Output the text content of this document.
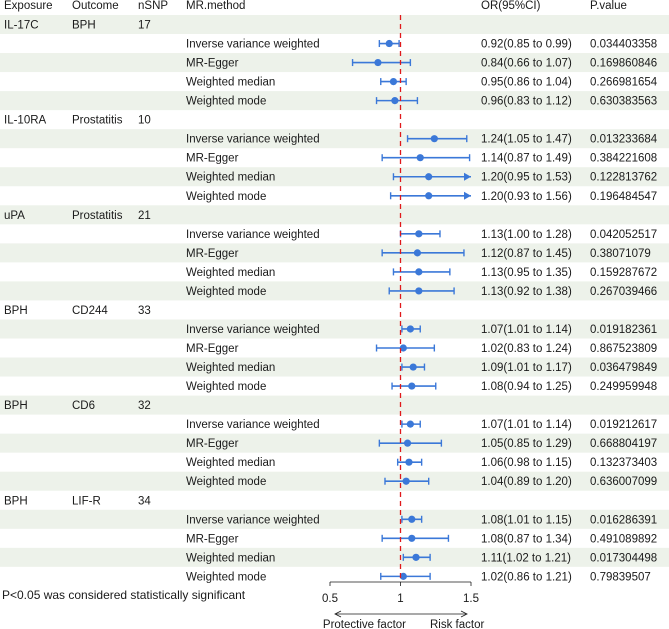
Exposure Outcome nSNP MR.method	OR(95%CI)	P.value
IL-17C	BPH	17
Inverse variance weighted	0.92(0.85 to 0.99) 0.034403358
MR-Egger	0.84(0.66 to 1.07) 0.169860846
Weighted median	0.95(0.86 to 1.04) 0.266981654
Weighted mode	0.96(0.83 to 1.12) 0.630383563
IL-10RA Prostatitis 10
Inverse variance weighted	1.24(1.05 to 1.47) 0.013233684
MR-Egger	1.14(0.87 to 1.49) 0.384221608
Weighted median	1.20(0.95 to 1.53) 0.122813762
Weighted mode	1.20(0.93 to 1.56) 0.196484547
uPA	Prostatitis 21
Inverse variance weighted	1.13(1.00 to 1.28) 0.042052517
MR-Egger	1.12(0.87 to 1.45) 0.38071079
Weighted median	1.13(0.95 to 1.35) 0.159287672
Weighted mode	1.13(0.92 to 1.38) 0.267039466
BPH	CD244	33
Inverse variance weighted	1.07(1.01 to 1.14) 0.019182361
MR-Egger	1.02(0.83 to 1.24) 0.867523809
Weighted median	1.09(1.01 to 1.17) 0.036479849
Weighted mode	1.08(0.94 to 1.25) 0.249959948
BPH	CD6	32
Inverse variance weighted	1.07(1.01 to 1.14) 0.019212617
MR-Egger	1.05(0.85 to 1.29) 0.668804197
Weighted median	1.06(0.98 to 1.15) 0.132373403
Weighted mode	1.04(0.89 to 1.20) 0.636007099
BPH	LIF-R	34
Inverse variance weighted	1.08(1.01 to 1.15) 0.016286391
MR-Egger	1.08(0.87 to 1.34) 0.491089892
Weighted median	1.11(1.02 to 1.21) 0.017304498
Weighted mode	1.02(0.86 to 1.21) 0.79839507
0.5	1	1.5
Protective factor Risk factor
P<0.05 was considered statistically significant
